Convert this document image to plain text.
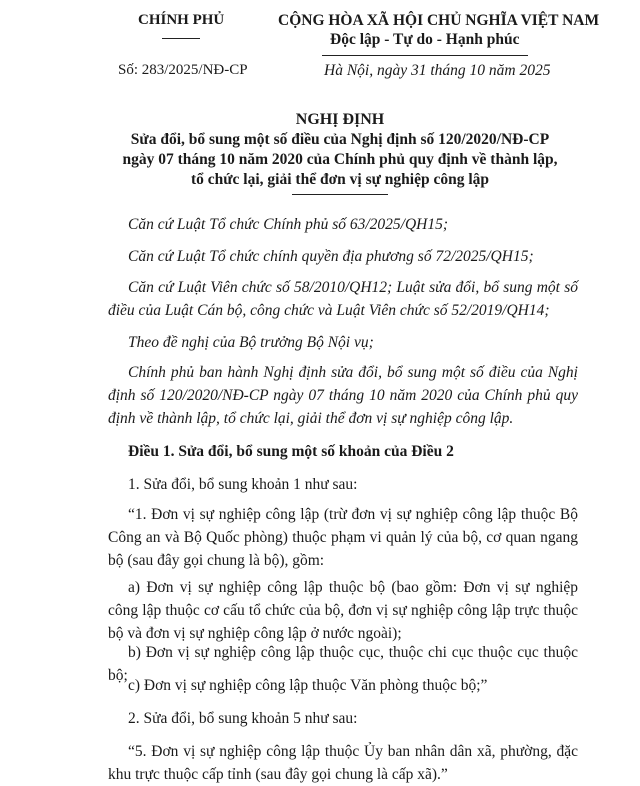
CHÍNH PHỦ	CỘNG HÒA XÃ HỘI CHỦ NGHĨA VIỆT NAM
Độc lập - Tự do - Hạnh phúc
Số: 283/2025/NĐ-CP	Hà Nội, ngày 31 tháng 10 năm 2025
NGHỊ ĐỊNH
Sửa đổi, bổ sung một số điều của Nghị định số 120/2020/NĐ-CP
ngày 07 tháng 10 năm 2020 của Chính phủ quy định về thành lập,
tổ chức lại, giải thể đơn vị sự nghiệp công lập
Căn cứ Luật Tổ chức Chính phủ số 63/2025/QH15;
Căn cứ Luật Tổ chức chính quyền địa phương số 72/2025/QH15;
Căn cứ Luật Viên chức số 58/2010/QH12; Luật sửa đổi, bổ sung một số điều của Luật Cán bộ, công chức và Luật Viên chức số 52/2019/QH14;
Theo đề nghị của Bộ trưởng Bộ Nội vụ;
Chính phủ ban hành Nghị định sửa đổi, bổ sung một số điều của Nghị định số 120/2020/NĐ-CP ngày 07 tháng 10 năm 2020 của Chính phủ quy định về thành lập, tổ chức lại, giải thể đơn vị sự nghiệp công lập.
Điều 1. Sửa đổi, bổ sung một số khoản của Điều 2
1. Sửa đổi, bổ sung khoản 1 như sau:
“1. Đơn vị sự nghiệp công lập (trừ đơn vị sự nghiệp công lập thuộc Bộ Công an và Bộ Quốc phòng) thuộc phạm vi quản lý của bộ, cơ quan ngang bộ (sau đây gọi chung là bộ), gồm:
a) Đơn vị sự nghiệp công lập thuộc bộ (bao gồm: Đơn vị sự nghiệp công lập thuộc cơ cấu tổ chức của bộ, đơn vị sự nghiệp công lập trực thuộc bộ và đơn vị sự nghiệp công lập ở nước ngoài);
b) Đơn vị sự nghiệp công lập thuộc cục, thuộc chi cục thuộc cục thuộc bộ;
c) Đơn vị sự nghiệp công lập thuộc Văn phòng thuộc bộ;”
2. Sửa đổi, bổ sung khoản 5 như sau:
“5. Đơn vị sự nghiệp công lập thuộc Ủy ban nhân dân xã, phường, đặc khu trực thuộc cấp tỉnh (sau đây gọi chung là cấp xã).”
